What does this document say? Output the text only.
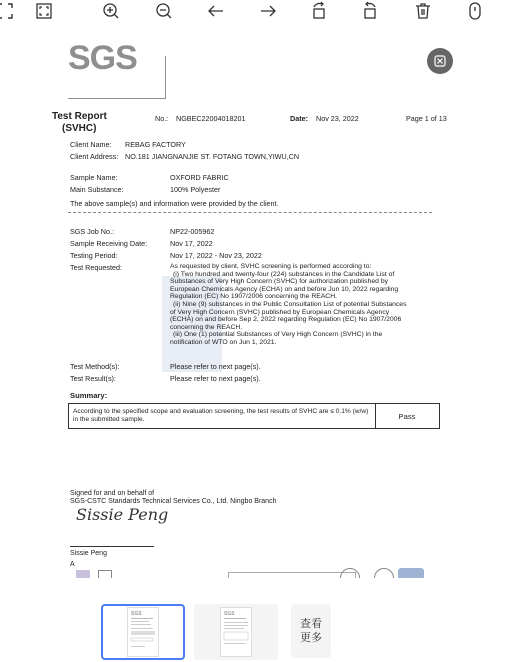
SGS
Test Report
(SVHC)
No.: NGBEC22004018201	Date: Nov 23, 2022	Page 1 of 13
Client Name: REBAG FACTORY
Client Address: NO.181 JIANGNANJIE ST. FOTANG TOWN,YIWU,CN
Sample Name:	OXFORD FABRIC
Main Substance:	100% Polyester
The above sample(s) and information were provided by the client.
SGS Job No.:	NP22-005962
Sample Receiving Date:	Nov 17, 2022
Testing Period:	Nov 17, 2022 - Nov 23, 2022
Test Requested:	As requested by client, SVHC screening is performed according to:

(i) Two hundred and twenty-four (224) substances in the Candidate List of

Substances of Very High Concern (SVHC) for authorization published by

European Chemicals Agency (ECHA) on and before Jun 10, 2022 regarding

Regulation (EC) No 1907/2006 concerning the REACH.

(ii) Nine (9) substances in the Public Consultation List of potential Substances

of Very High Concern (SVHC) published by European Chemicals Agency

(ECHA) on and before Sep 2, 2022 regarding Regulation (EC) No 1907/2006

concerning the REACH.

(iii) One (1) potential Substances of Very High Concern (SVHC) in the

notification of WTO on Jun 1, 2021.

Test Method(s):	Please refer to next page(s).
Test Result(s):	Please refer to next page(s).
Summary:
According to the specified scope and evaluation screening, the test results of SVHC are ≤ 0.1% (w/w) in the submitted sample.	Pass
Signed for and on behalf of
SGS-CSTC Standards Technical Services Co., Ltd. Ningbo Branch
Sissie Peng
Sissie Peng
A
SGS	SGS
查看
更多
